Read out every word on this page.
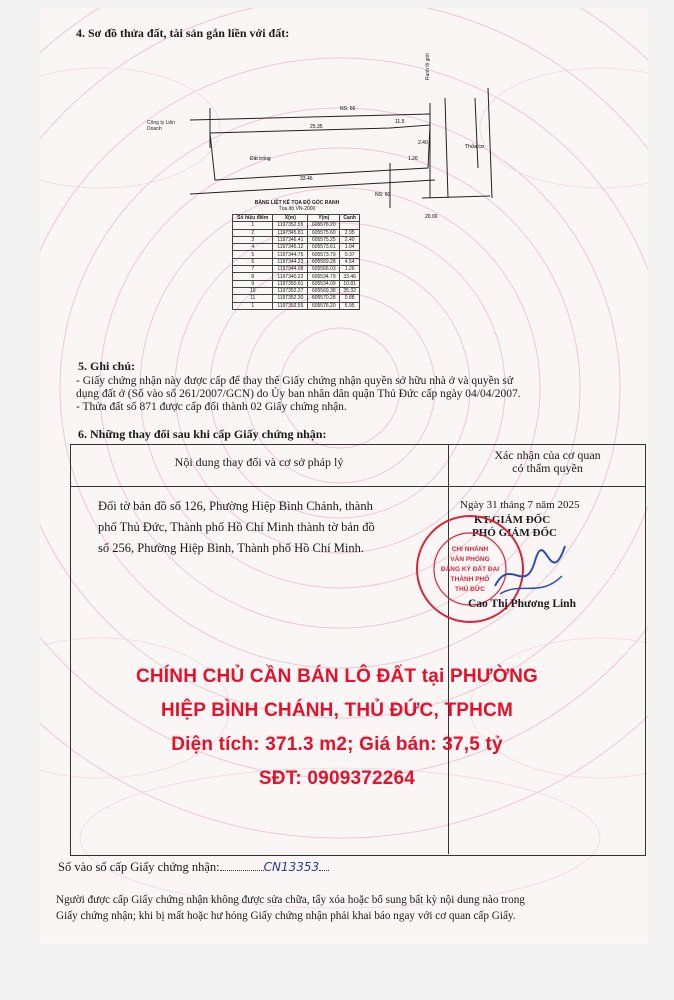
4. Sơ đồ thửa đất, tài sản gắn liền với đất:
Đất trống
Thửa cơ
NS: 66
NS: 60
20.00
25.35
11.5
33.46
1.26
2.40
Công ty Liên Doanh
Ranh lộ giới
BẢNG LIỆT KÊ TỌA ĐỘ GÓC RANH
Tọa độ VN-2000
Số hiệu điểm	X(m)	Y(m)	Cạnh
1	1197352.55	605576.20	
2	1197345.81	605575.60	2.95
3	1197346.41	605575.25	2.40
4	1197345.12	605573.61	1.94
5	1197344.75	605573.79	0.37
6	1197344.23	605569.28	4.54
7	1197344.08	605566.03	1.26
8	1197340.22	605534.79	33.46
9	1197350.61	605534.09	10.81
10	1197352.27	605569.38	35.32
11	1197352.30	605570.28	0.88
1	1197352.55	605576.20	5.95
5. Ghi chú:
- Giấy chứng nhận này được cấp để thay thế Giấy chứng nhận quyền sở hữu nhà ở và quyền sử
dụng đất ở (Số vào sổ 261/2007/GCN) do Ủy ban nhân dân quận Thủ Đức cấp ngày 04/04/2007.
- Thửa đất số 871 được cấp đổi thành 02 Giấy chứng nhận.
6. Những thay đổi sau khi cấp Giấy chứng nhận:
Nội dung thay đổi và cơ sở pháp lý	Xác nhận của cơ quan
có thẩm quyền
Đổi tờ bản đồ số 126, Phường Hiệp Bình Chánh, thành
phố Thủ Đức, Thành phố Hồ Chí Minh thành tờ bản đồ
số 256, Phường Hiệp Bình, Thành phố Hồ Chí Minh.
Ngày 31 tháng 7 năm 2025
KT.GIÁM ĐỐC
PHÓ GIÁM ĐỐC
CHI NHÁNH
VĂN PHÒNG
ĐĂNG KÝ ĐẤT ĐAI
THÀNH PHỐ
THỦ ĐỨC
Cao Thị Phương Linh
Số vào sổ cấp Giấy chứng nhận:	CN13353
Người được cấp Giấy chứng nhận không được sửa chữa, tẩy xóa hoặc bổ sung bất kỳ nội dung nào trong
Giấy chứng nhận; khi bị mất hoặc hư hỏng Giấy chứng nhận phải khai báo ngay với cơ quan cấp Giấy.
CHÍNH CHỦ CẦN BÁN LÔ ĐẤT tại PHƯỜNG
HIỆP BÌNH CHÁNH, THỦ ĐỨC, TPHCM
Diện tích: 371.3 m2; Giá bán: 37,5 tỷ
SĐT: 0909372264
